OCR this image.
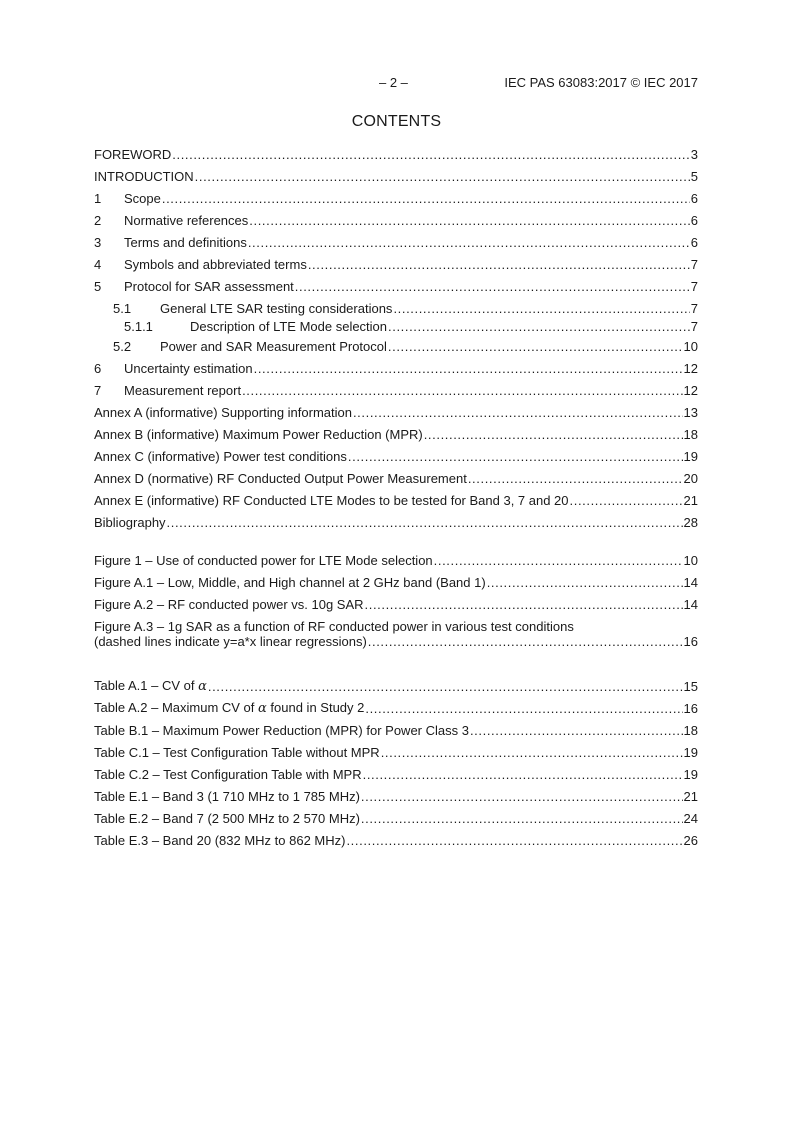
– 2 –	IEC PAS 63083:2017 © IEC 2017
CONTENTS
FOREWORD .....	3
INTRODUCTION .....	5
1	Scope .....	6
2	Normative references .....	6
3	Terms and definitions .....	6
4	Symbols and abbreviated terms .....	7
5	Protocol for SAR assessment .....	7
5.1	General LTE SAR testing considerations .....	7
5.1.1	Description of LTE Mode selection .....	7
5.2	Power and SAR Measurement Protocol .....	10
6	Uncertainty estimation .....	12
7	Measurement report .....	12
Annex A (informative) Supporting information .....	13
Annex B (informative) Maximum Power Reduction (MPR) .....	18
Annex C (informative) Power test conditions .....	19
Annex D (normative) RF Conducted Output Power Measurement .....	20
Annex E (informative) RF Conducted LTE Modes to be tested for Band 3, 7 and 20 .....	21
Bibliography .....	28
Figure 1 – Use of conducted power for LTE Mode selection .....	10
Figure A.1 – Low, Middle, and High channel at 2 GHz band (Band 1) .....	14
Figure A.2 – RF conducted power vs. 10g SAR .....	14
Figure A.3 – 1g SAR as a function of RF conducted power in various test conditions
(dashed lines indicate y=a*x linear regressions) .....	16
Table A.1 – CV of α .....	15
Table A.2 – Maximum CV of α found in Study 2 .....	16
Table B.1 – Maximum Power Reduction (MPR) for Power Class 3 .....	18
Table C.1 – Test Configuration Table without MPR .....	19
Table C.2 – Test Configuration Table with MPR .....	19
Table E.1 – Band 3 (1 710 MHz to 1 785 MHz) .....	21
Table E.2 – Band 7 (2 500 MHz to 2 570 MHz) .....	24
Table E.3 – Band 20 (832 MHz to 862 MHz) .....	26
